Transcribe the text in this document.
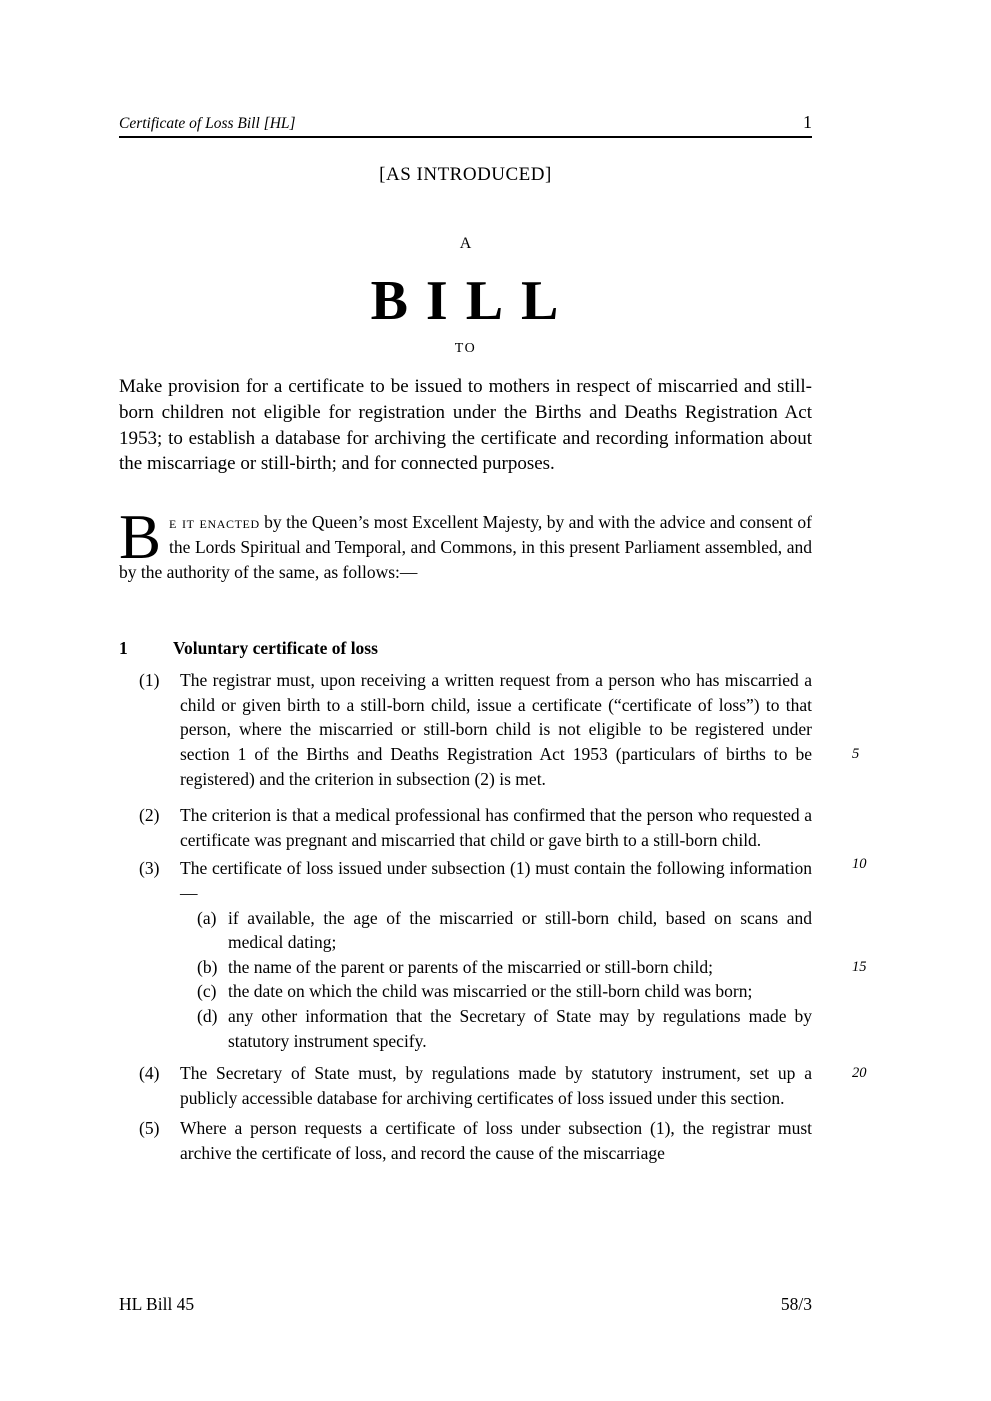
Certificate of Loss Bill [HL]	1
[AS INTRODUCED]
A
BILL
TO

Make provision for a certificate to be issued to mothers in respect of miscarried and still-born children not eligible for registration under the Births and Deaths Registration Act 1953; to establish a database for archiving the certificate and recording information about the miscarriage or still-birth; and for connected purposes.

Be it enacted by the Queen’s most Excellent Majesty, by and with the advice and consent of the Lords Spiritual and Temporal, and Commons, in this present Parliament assembled, and by the authority of the same, as follows:—

1	Voluntary certificate of loss
(1)	The registrar must, upon receiving a written request from a person who has miscarried a child or given birth to a still-born child, issue a certificate (“certificate of loss”) to that person, where the miscarried or still-born child is not eligible to be registered under section 1 of the Births and Deaths Registration Act 1953 (particulars of births to be registered) and the criterion in subsection (2) is met.
5
(2)	The criterion is that a medical professional has confirmed that the person who requested a certificate was pregnant and miscarried that child or gave birth to a still-born child.
10
(3)	The certificate of loss issued under subsection (1) must contain the following information—
(a) if available, the age of the miscarried or still-born child, based on scans and medical dating;
(b) the name of the parent or parents of the miscarried or still-born child;	15
(c) the date on which the child was miscarried or the still-born child was born;
(d) any other information that the Secretary of State may by regulations made by statutory instrument specify.
(4)	The Secretary of State must, by regulations made by statutory instrument, set up a publicly accessible database for archiving certificates of loss issued under this section.
20
(5)	Where a person requests a certificate of loss under subsection (1), the registrar must archive the certificate of loss, and record the cause of the miscarriage
HL Bill 45	58/3
